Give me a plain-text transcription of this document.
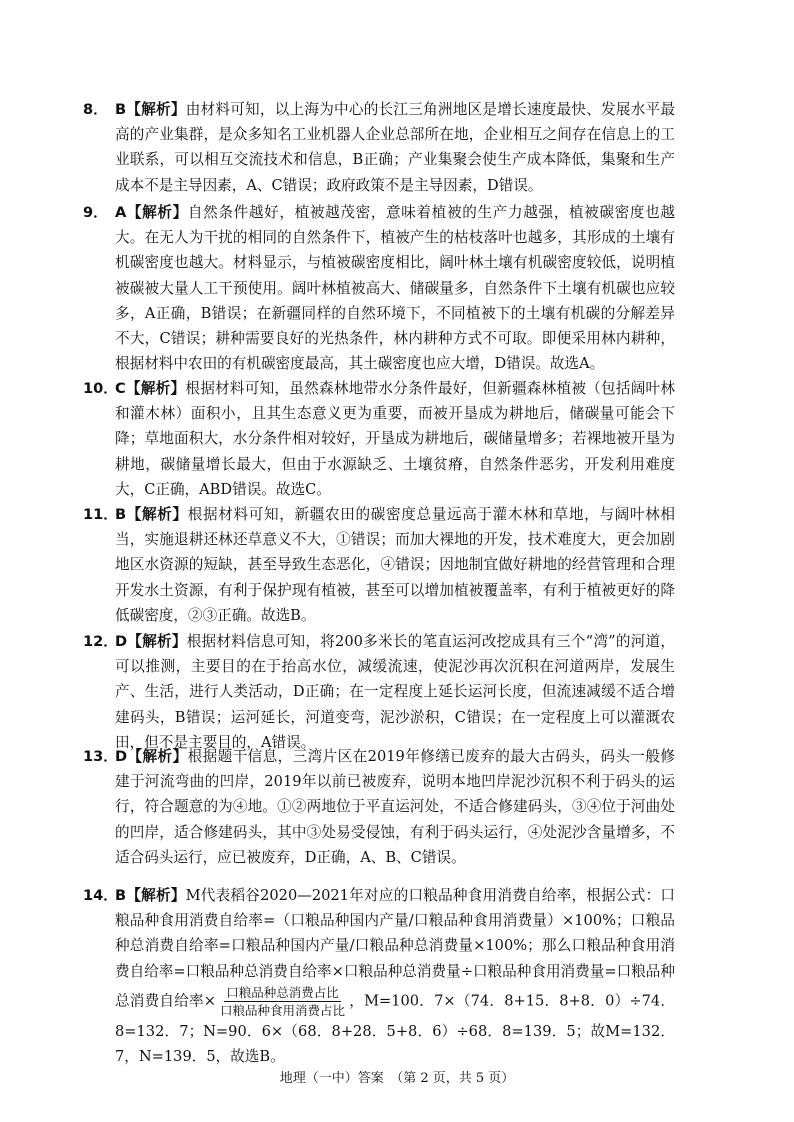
8． B【解析】由材料可知，以上海为中心的长江三角洲地区是增长速度最快、发展水平最高的产业集群，是众多知名工业机器人企业总部所在地，企业相互之间存在信息上的工业联系，可以相互交流技术和信息，B正确；产业集聚会使生产成本降低，集聚和生产成本不是主导因素，A、C错误；政府政策不是主导因素，D错误。
9． A【解析】自然条件越好，植被越茂密，意味着植被的生产力越强，植被碳密度也越大。在无人为干扰的相同的自然条件下，植被产生的枯枝落叶也越多，其形成的土壤有机碳密度也越大。材料显示，与植被碳密度相比，阔叶林土壤有机碳密度较低，说明植被碳被大量人工干预使用。阔叶林植被高大、储碳量多，自然条件下土壤有机碳也应较多，A正确，B错误；在新疆同样的自然环境下，不同植被下的土壤有机碳的分解差异不大，C错误；耕种需要良好的光热条件，林内耕种方式不可取。即便采用林内耕种，根据材料中农田的有机碳密度最高，其土碳密度也应大增，D错误。故选A。
10．C【解析】根据材料可知，虽然森林地带水分条件最好，但新疆森林植被（包括阔叶林和灌木林）面积小，且其生态意义更为重要，而被开垦成为耕地后，储碳量可能会下降；草地面积大，水分条件相对较好，开垦成为耕地后，碳储量增多；若裸地被开垦为耕地，碳储量增长最大，但由于水源缺乏、土壤贫瘠，自然条件恶劣，开发利用难度大，C正确，ABD错误。故选C。
11．B【解析】根据材料可知，新疆农田的碳密度总量远高于灌木林和草地，与阔叶林相当，实施退耕还林还草意义不大，①错误；而加大裸地的开发，技术难度大，更会加剧地区水资源的短缺，甚至导致生态恶化，④错误；因地制宜做好耕地的经营管理和合理开发水土资源，有利于保护现有植被，甚至可以增加植被覆盖率，有利于植被更好的降低碳密度，②③正确。故选B。
12．D【解析】根据材料信息可知，将200多米长的笔直运河改挖成具有三个“湾”的河道，可以推测，主要目的在于抬高水位，减缓流速，使泥沙再次沉积在河道两岸，发展生产、生活，进行人类活动，D正确；在一定程度上延长运河长度，但流速减缓不适合增建码头，B错误；运河延长，河道变弯，泥沙淤积，C错误；在一定程度上可以灌溉农田，但不是主要目的，A错误。
13．D【解析】根据题干信息，三湾片区在2019年修缮已废弃的最大古码头，码头一般修建于河流弯曲的凹岸，2019年以前已被废弃，说明本地凹岸泥沙沉积不利于码头的运行，符合题意的为④地。①②两地位于平直运河处，不适合修建码头，③④位于河曲处的凹岸，适合修建码头，其中③处易受侵蚀，有利于码头运行，④处泥沙含量增多，不适合码头运行，应已被废弃，D正确，A、B、C错误。
14．B【解析】M代表稻谷2020—2021年对应的口粮品种食用消费自给率，根据公式：口粮品种食用消费自给率=（口粮品种国内产量/口粮品种食用消费量）×100%；口粮品种总消费自给率=口粮品种国内产量/口粮品种总消费量×100%；那么口粮品种食用消费自给率=口粮品种总消费自给率×口粮品种总消费量÷口粮品种食用消费量=口粮品种总消费自给率× $\frac{\text{口粮品种总消费占比}}{\text{口粮品种食用消费占比}}$ ，M=100．7×（74．8+15．8+8．0）÷74．8=132．7；N=90．6×（68．8+28．5+8．6）÷68．8=139．5；故M=132．7，N=139．5，故选B。
地理（一中）答案　（第 2 页，共 5 页）
